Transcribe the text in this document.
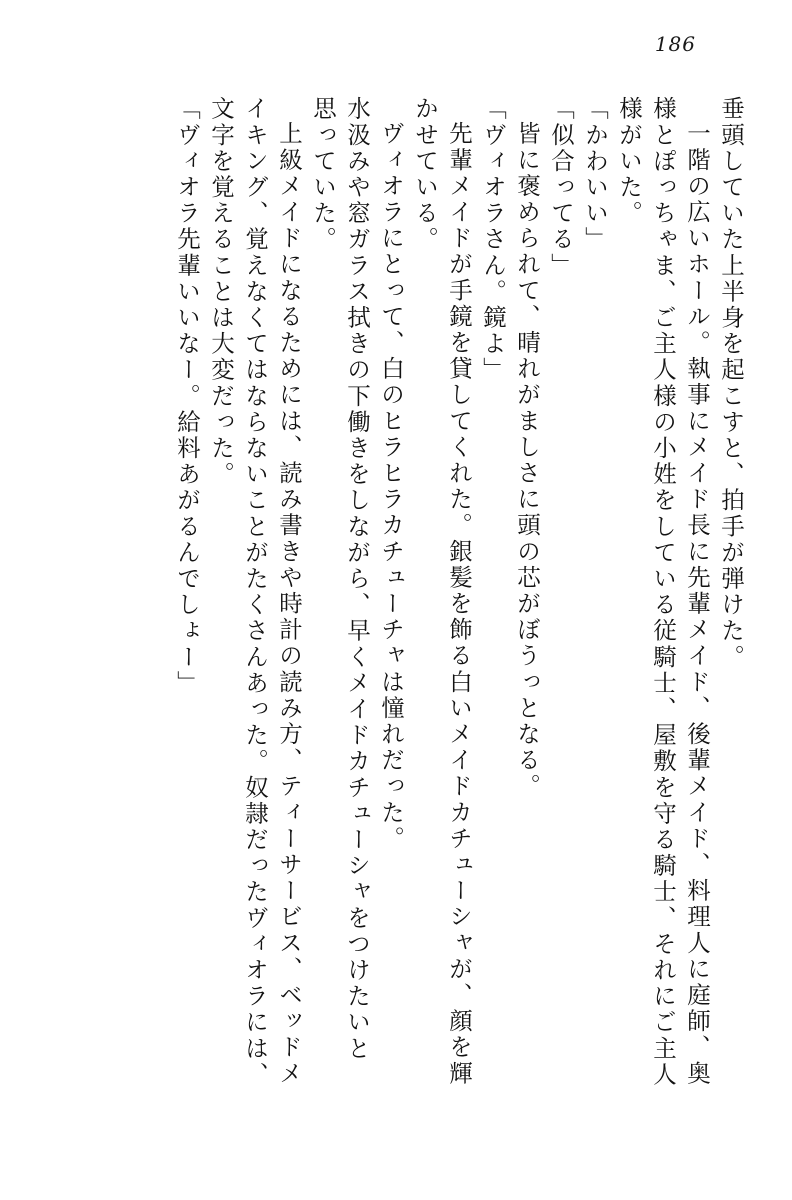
186
垂頭していた上半身を起こすと、拍手が弾けた。
一階の広いホール。執事にメイド長に先輩メイド、後輩メイド、料理人に庭師、奥
様とぽっちゃま、ご主人様の小姓をしている従騎士、屋敷を守る騎士、それにご主人
様がいた。
「かわいい」
「似合ってる」
皆に褒められて、晴れがましさに頭の芯がぼうっとなる。
「ヴィオラさん。鏡よ」
先輩メイドが手鏡を貸してくれた。銀髪を飾る白いメイドカチューシャが、顔を輝
かせている。
ヴィオラにとって、白のヒラヒラカチューチャは憧れだった。
水汲みや窓ガラス拭きの下働きをしながら、早くメイドカチューシャをつけたいと
思っていた。
上級メイドになるためには、読み書きや時計の読み方、ティーサービス、ベッドメ
イキング、覚えなくてはならないことがたくさんあった。奴隷だったヴィオラには、
文字を覚えることは大変だった。
「ヴィオラ先輩いいなー。給料あがるんでしょー」
